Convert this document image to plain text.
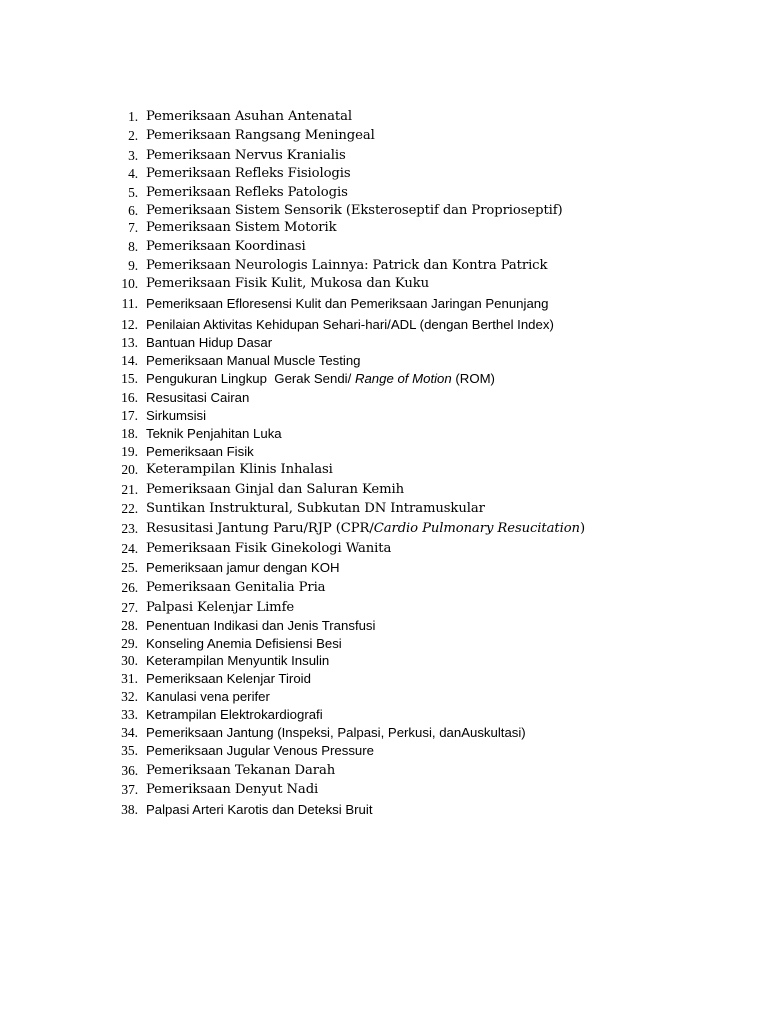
1. Pemeriksaan Asuhan Antenatal
2. Pemeriksaan Rangsang Meningeal
3. Pemeriksaan Nervus Kranialis
4. Pemeriksaan Refleks Fisiologis
5. Pemeriksaan Refleks Patologis
6. Pemeriksaan Sistem Sensorik (Eksteroseptif dan Proprioseptif)
7. Pemeriksaan Sistem Motorik
8. Pemeriksaan Koordinasi
9. Pemeriksaan Neurologis Lainnya: Patrick dan Kontra Patrick
10. Pemeriksaan Fisik Kulit, Mukosa dan Kuku
11. Pemeriksaan Efloresensi Kulit dan Pemeriksaan Jaringan Penunjang
12. Penilaian Aktivitas Kehidupan Sehari-hari/ADL (dengan Berthel Index)
13. Bantuan Hidup Dasar
14. Pemeriksaan Manual Muscle Testing
15. Pengukuran Lingkup  Gerak Sendi/ Range of Motion (ROM)
16. Resusitasi Cairan
17. Sirkumsisi
18. Teknik Penjahitan Luka
19. Pemeriksaan Fisik
20. Keterampilan Klinis Inhalasi
21. Pemeriksaan Ginjal dan Saluran Kemih
22. Suntikan Instruktural, Subkutan DN Intramuskular
23. Resusitasi Jantung Paru/RJP (CPR/Cardio Pulmonary Resucitation)
24. Pemeriksaan Fisik Ginekologi Wanita
25. Pemeriksaan jamur dengan KOH
26. Pemeriksaan Genitalia Pria
27. Palpasi Kelenjar Limfe
28. Penentuan Indikasi dan Jenis Transfusi
29. Konseling Anemia Defisiensi Besi
30. Keterampilan Menyuntik Insulin
31. Pemeriksaan Kelenjar Tiroid
32. Kanulasi vena perifer
33. Ketrampilan Elektrokardiografi
34. Pemeriksaan Jantung (Inspeksi, Palpasi, Perkusi, danAuskultasi)
35. Pemeriksaan Jugular Venous Pressure
36. Pemeriksaan Tekanan Darah
37. Pemeriksaan Denyut Nadi
38. Palpasi Arteri Karotis dan Deteksi Bruit
